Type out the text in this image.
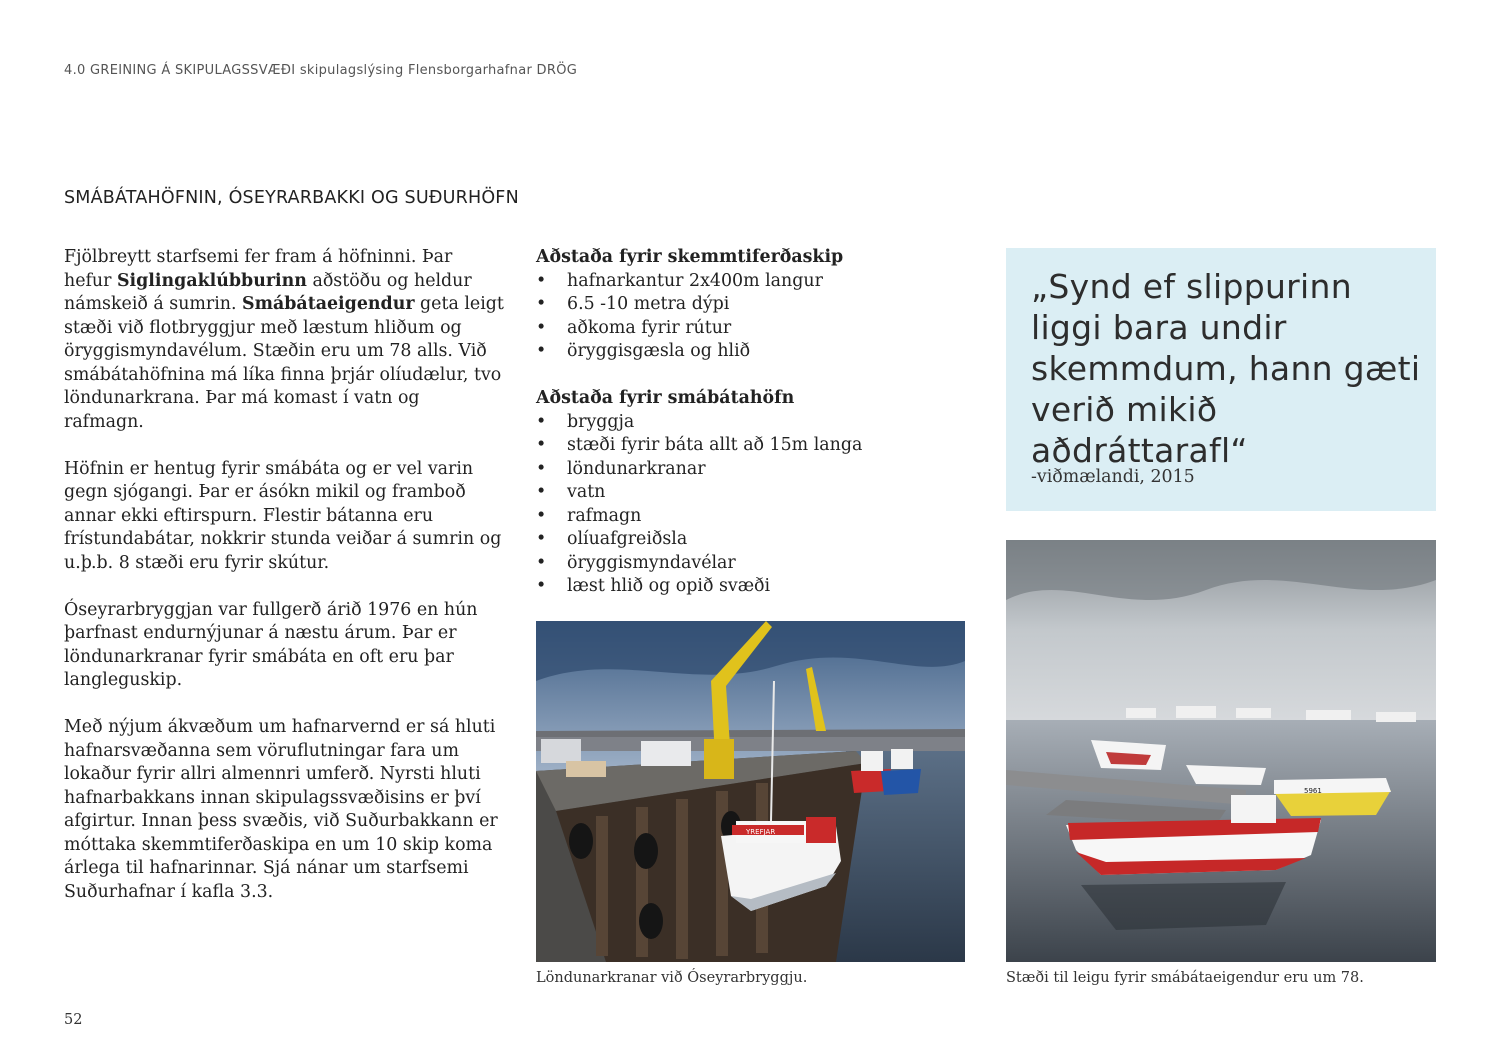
4.0 GREINING Á SKIPULAGSSVÆÐI skipulagslýsing Flensborgarhafnar DRÖG
SMÁBÁTAHÖFNIN, ÓSEYRARBAKKI OG SUÐURHÖFN

Fjölbreytt starfsemi fer fram á höfninni. Þar hefur Siglingaklúbburinn aðstöðu og heldur námskeið á sumrin. Smábátaeigendur geta leigt stæði við flotbryggjur með læstum hliðum og öryggismyndavélum. Stæðin eru um 78 alls. Við smábátahöfnina má líka finna þrjár olíudælur, tvo löndunarkrana. Þar má komast í vatn og rafmagn.

Höfnin er hentug fyrir smábáta og er vel varin gegn sjógangi. Þar er ásókn mikil og framboð annar ekki eftirspurn. Flestir bátanna eru frístundabátar, nokkrir stunda veiðar á sumrin og u.þ.b. 8 stæði eru fyrir skútur.

Óseyrarbryggjan var fullgerð árið 1976 en hún þarfnast endurnýjunar á næstu árum. Þar er löndunarkranar fyrir smábáta en oft eru þar langleguskip.

Með nýjum ákvæðum um hafnarvernd er sá hluti hafnarsvæðanna sem vöruflutningar fara um lokaður fyrir allri almennri umferð. Nyrsti hluti hafnarbakkans innan skipulagssvæðisins er því afgirtur. Innan þess svæðis, við Suðurbakkann er móttaka skemmtiferðaskipa en um 10 skip koma árlega til hafnarinnar. Sjá nánar um starfsemi Suðurhafnar í kafla 3.3.

Aðstaða fyrir skemmtiferðaskip
• hafnarkantur 2x400m langur
• 6.5 -10 metra dýpi
• aðkoma fyrir rútur
• öryggisgæsla og hlið
Aðstaða fyrir smábátahöfn
• bryggja
• stæði fyrir báta allt að 15m langa
• löndunarkranar
• vatn
• rafmagn
• olíuafgreiðsla
• öryggismyndavélar
• læst hlið og opið svæði
„Synd ef slippurinn liggi bara undir skemmdum, hann gæti verið mikið aðdráttarafl“
-viðmælandi, 2015
YREFJAR
5961
Löndunarkranar við Óseyrarbryggju.	Stæði til leigu fyrir smábátaeigendur eru um 78.
52
